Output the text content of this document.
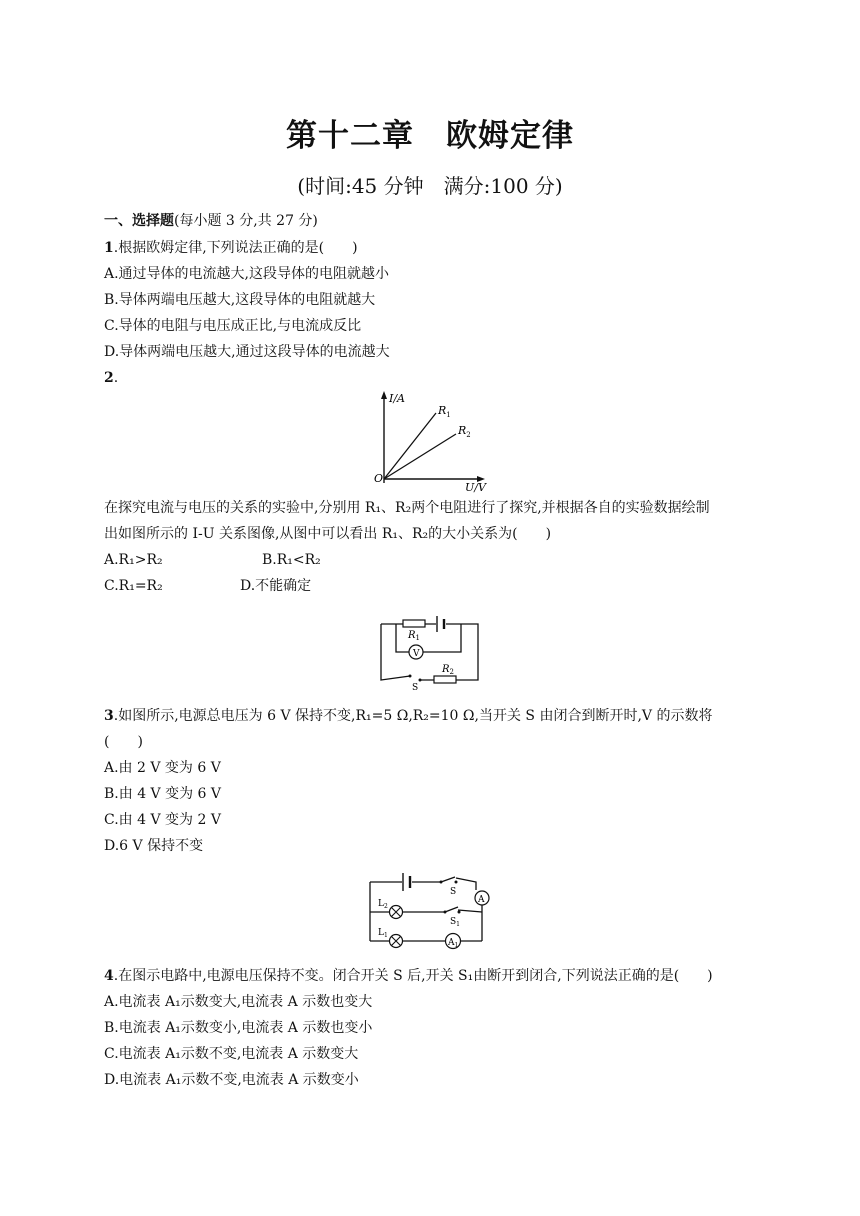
第十二章　欧姆定律
(时间:45 分钟　满分:100 分)
一、选择题(每小题 3 分,共 27 分)
1.根据欧姆定律,下列说法正确的是(　　)
A.通过导体的电流越大,这段导体的电阻就越小
B.导体两端电压越大,这段导体的电阻就越大
C.导体的电阻与电压成正比,与电流成反比
D.导体两端电压越大,通过这段导体的电流越大
2.
I/A
U/V
O
$R_1$
$R_2$
在探究电流与电压的关系的实验中,分别用 R₁、R₂两个电阻进行了探究,并根据各自的实验数据绘制
出如图所示的 I-U 关系图像,从图中可以看出 R₁、R₂的大小关系为(　　)
A.R₁>R₂	B.R₁<R₂
C.R₁=R₂	D.不能确定
V
$R_1$
$R_2$
S
3.如图所示,电源总电压为 6 V 保持不变,R₁=5 Ω,R₂=10 Ω,当开关 S 由闭合到断开时,V 的示数将
(　　)
A.由 2 V 变为 6 V
B.由 4 V 变为 6 V
C.由 4 V 变为 2 V
D.6 V 保持不变
S
A
$L_2$
$S_1$
$L_1$
$A_1$
4.在图示电路中,电源电压保持不变。闭合开关 S 后,开关 S₁由断开到闭合,下列说法正确的是(　　)
A.电流表 A₁示数变大,电流表 A 示数也变大
B.电流表 A₁示数变小,电流表 A 示数也变小
C.电流表 A₁示数不变,电流表 A 示数变大
D.电流表 A₁示数不变,电流表 A 示数变小
